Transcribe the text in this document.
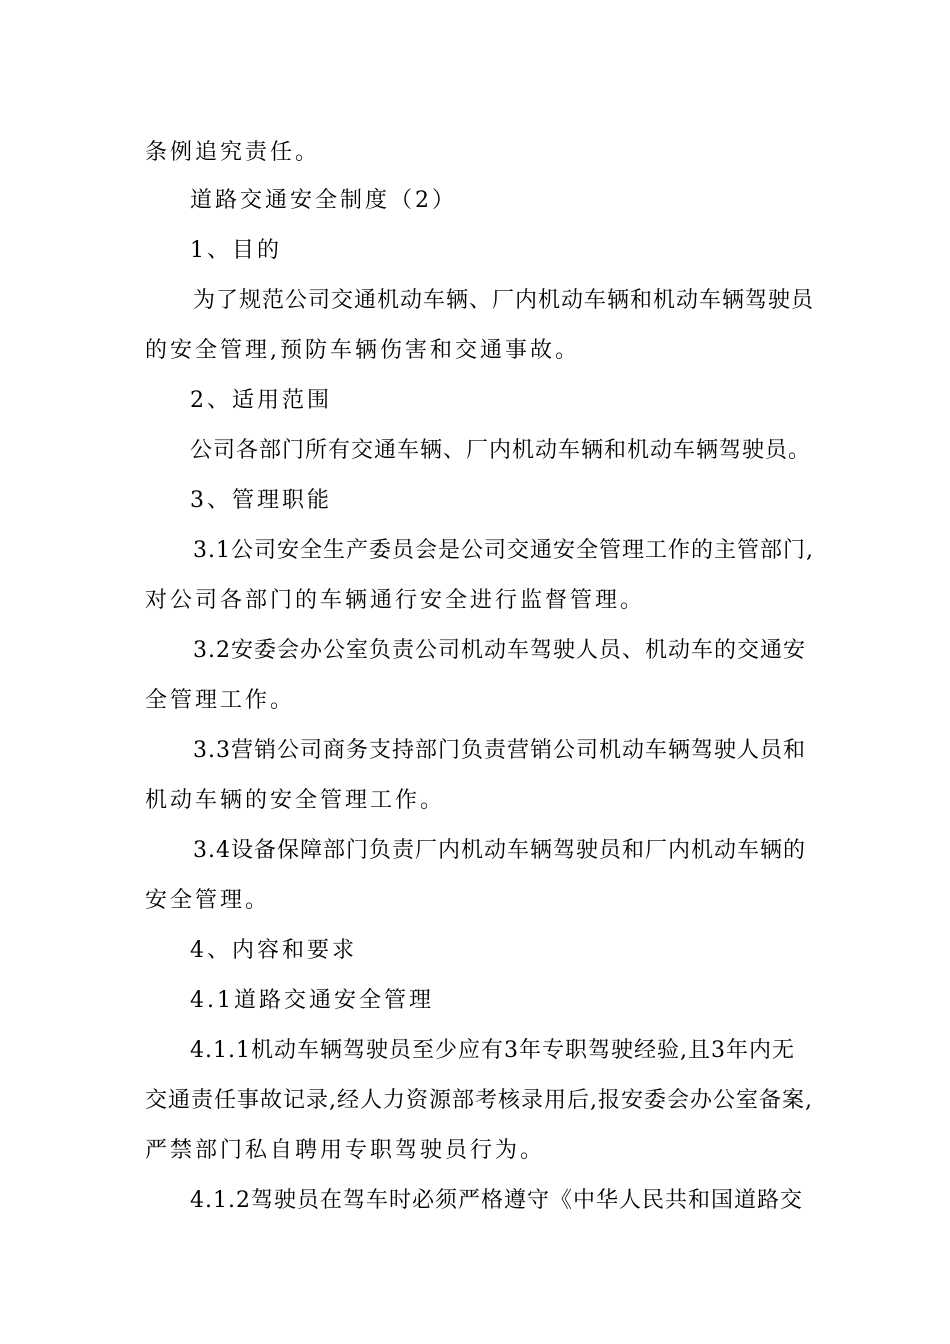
条例追究责任。
道路交通安全制度（2）
1、目的
为了规范公司交通机动车辆、厂内机动车辆和机动车辆驾驶员
的安全管理,预防车辆伤害和交通事故。
2、适用范围
公司各部门所有交通车辆、厂内机动车辆和机动车辆驾驶员。
3、管理职能
3.1公司安全生产委员会是公司交通安全管理工作的主管部门,
对公司各部门的车辆通行安全进行监督管理。
3.2安委会办公室负责公司机动车驾驶人员、机动车的交通安
全管理工作。
3.3营销公司商务支持部门负责营销公司机动车辆驾驶人员和
机动车辆的安全管理工作。
3.4设备保障部门负责厂内机动车辆驾驶员和厂内机动车辆的
安全管理。
4、内容和要求
4.1道路交通安全管理
4.1.1机动车辆驾驶员至少应有3年专职驾驶经验,且3年内无
交通责任事故记录,经人力资源部考核录用后,报安委会办公室备案,
严禁部门私自聘用专职驾驶员行为。
4.1.2驾驶员在驾车时必须严格遵守《中华人民共和国道路交
